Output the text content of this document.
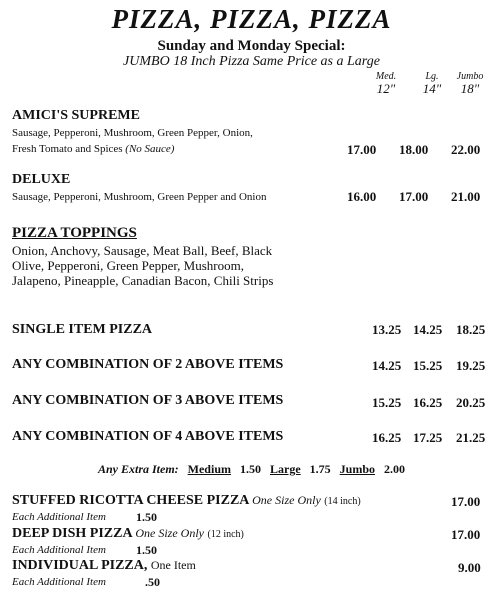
PIZZA, PIZZA, PIZZA
Sunday and Monday Special:
JUMBO 18 Inch Pizza Same Price as a Large
Med.	Lg.	Jumbo
12"	14"	18"
AMICI'S SUPREME
Sausage, Pepperoni, Mushroom, Green Pepper, Onion,
Fresh Tomato and Spices (No Sauce)	17.00 18.00 22.00
DELUXE
Sausage, Pepperoni, Mushroom, Green Pepper and Onion	16.00 17.00 21.00
PIZZA TOPPINGS
Onion, Anchovy, Sausage, Meat Ball, Beef, Black Olive, Pepperoni, Green Pepper, Mushroom, Jalapeno, Pineapple, Canadian Bacon, Chili Strips
SINGLE ITEM PIZZA	13.25 14.25 18.25
ANY COMBINATION OF 2 ABOVE ITEMS	14.25 15.25 19.25
ANY COMBINATION OF 3 ABOVE ITEMS	15.25 16.25 20.25
ANY COMBINATION OF 4 ABOVE ITEMS	16.25 17.25 21.25
Any Extra Item: Medium 1.50 Large 1.75 Jumbo 2.00
STUFFED RICOTTA CHEESE PIZZA One Size Only (14 inch)	17.00
Each Additional Item	1.50
DEEP DISH PIZZA One Size Only (12 inch)	17.00
Each Additional Item	1.50
INDIVIDUAL PIZZA, One Item	9.00
Each Additional Item	.50
